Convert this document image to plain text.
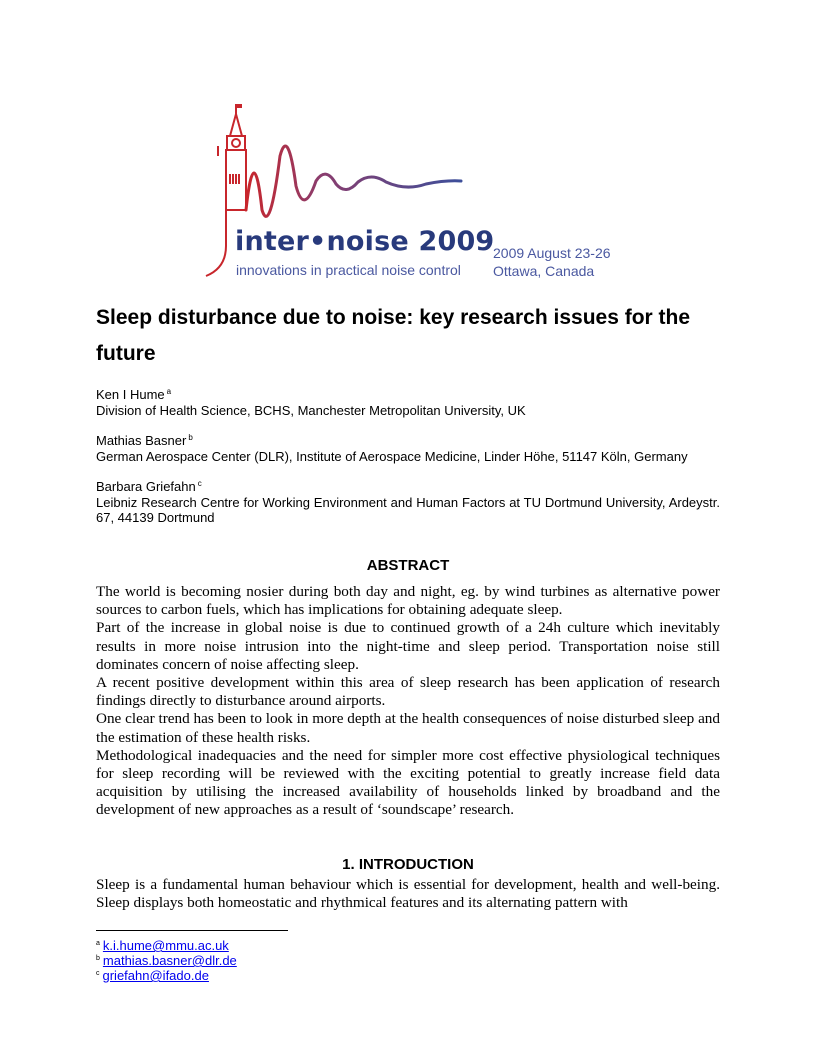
inter•noise 2009
innovations in practical noise control
2009 August 23-26
Ottawa, Canada
Sleep disturbance due to noise: key research issues for the future
Ken I Hume $^a$
Division of Health Science, BCHS, Manchester Metropolitan University, UK
Mathias Basner $^b$
German Aerospace Center (DLR), Institute of Aerospace Medicine, Linder Höhe, 51147 Köln, Germany
Barbara Griefahn $^c$
Leibniz Research Centre for Working Environment and Human Factors at TU Dortmund University, Ardeystr. 67, 44139 Dortmund
ABSTRACT

The world is becoming nosier during both day and night, eg. by wind turbines as alternative power sources to carbon fuels, which has implications for obtaining adequate sleep.

Part of the increase in global noise is due to continued growth of a 24h culture which inevitably results in more noise intrusion into the night-time and sleep period. Transportation noise still dominates concern of noise affecting sleep.

A recent positive development within this area of sleep research has been application of research findings directly to disturbance around airports.

One clear trend has been to look in more depth at the health consequences of noise disturbed sleep and the estimation of these health risks.

Methodological inadequacies and the need for simpler more cost effective physiological techniques for sleep recording will be reviewed with the exciting potential to greatly increase field data acquisition by utilising the increased availability of households linked by broadband and the development of new approaches as a result of ‘soundscape’ research.

1. INTRODUCTION
Sleep is a fundamental human behaviour which is essential for development, health and well-being. Sleep displays both homeostatic and rhythmical features and its alternating pattern with
$^a$ k.i.hume@mmu.ac.uk
$^b$ mathias.basner@dlr.de
$^c$ griefahn@ifado.de
